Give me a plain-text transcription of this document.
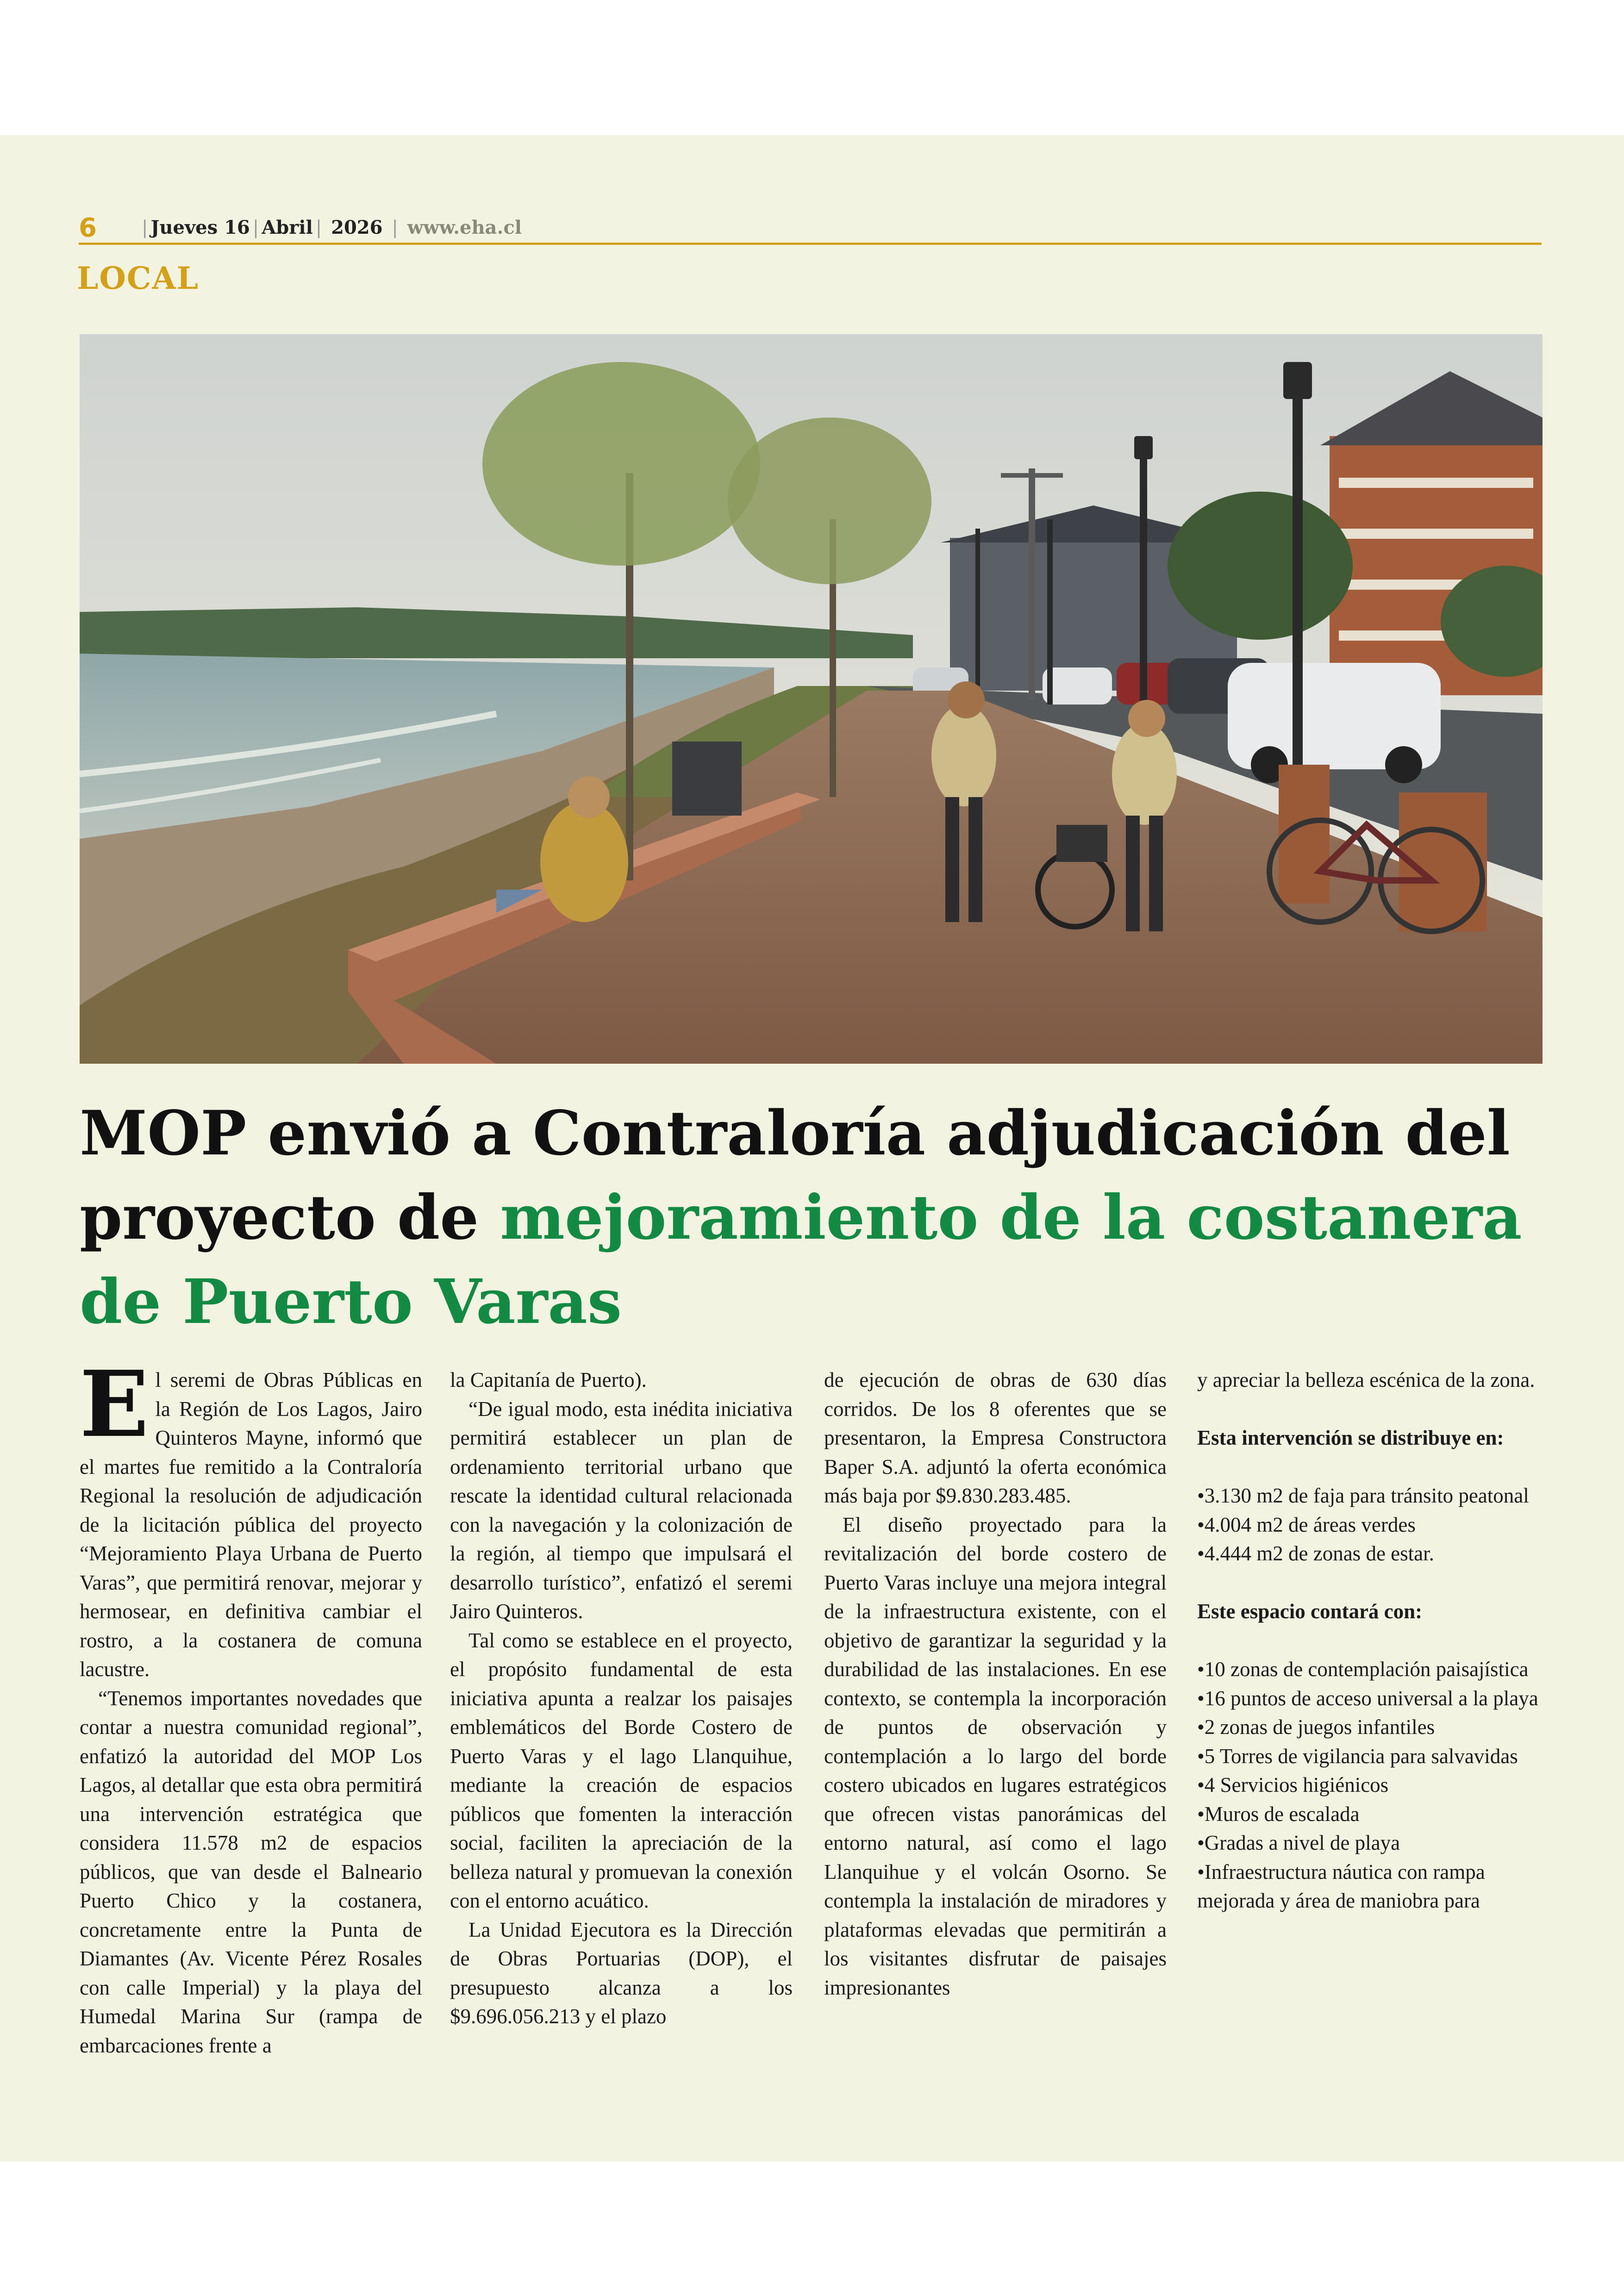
6 | Jueves 16 | Abril | 2026 | www.eha.cl
LOCAL
MOP envió a Contraloría adjudicación del proyecto de mejoramiento de la costanera de Puerto Varas
E l seremi de Obras Públicas en la Región de Los Lagos, Jairo Quinteros Mayne, informó que el martes fue remitido a la Contraloría Regional la resolución de adjudicación de la licitación pública del proyecto “Mejoramiento Playa Urbana de Puerto Varas”, que permitirá renovar, mejorar y hermosear, en definitiva cambiar el rostro, a la costanera de comuna lacustre.

“Tenemos importantes novedades que contar a nuestra comunidad regional”, enfatizó la autoridad del MOP Los Lagos, al detallar que esta obra permitirá una intervención estratégica que considera 11.578 m2 de espacios públicos, que van desde el Balneario Puerto Chico y la costanera, concretamente entre la Punta de Diamantes (Av. Vicente Pérez Rosales con calle Imperial) y la playa del Humedal Marina Sur (rampa de embarcaciones frente a

la Capitanía de Puerto).

“De igual modo, esta inédita iniciativa permitirá establecer un plan de ordenamiento territorial urbano que rescate la identidad cultural relacionada con la navegación y la colonización de la región, al tiempo que impulsará el desarrollo turístico”, enfatizó el seremi Jairo Quinteros.

Tal como se establece en el proyecto, el propósito fundamental de esta iniciativa apunta a realzar los paisajes emblemáticos del Borde Costero de Puerto Varas y el lago Llanquihue, mediante la creación de espacios públicos que fomenten la interacción social, faciliten la apreciación de la belleza natural y promuevan la conexión con el entorno acuático.

La Unidad Ejecutora es la Dirección de Obras Portuarias (DOP), el presupuesto alcanza a los $9.696.056.213 y el plazo

de ejecución de obras de 630 días corridos. De los 8 oferentes que se presentaron, la Empresa Constructora Baper S.A. adjuntó la oferta económica más baja por $9.830.283.485.

El diseño proyectado para la revitalización del borde costero de Puerto Varas incluye una mejora integral de la infraestructura existente, con el objetivo de garantizar la seguridad y la durabilidad de las instalaciones. En ese contexto, se contempla la incorporación de puntos de observación y contemplación a lo largo del borde costero ubicados en lugares estratégicos que ofrecen vistas panorámicas del entorno natural, así como el lago Llanquihue y el volcán Osorno. Se contempla la instalación de miradores y plataformas elevadas que permitirán a los visitantes disfrutar de paisajes impresionantes

y apreciar la belleza escénica de la zona.

Esta intervención se distribuye en:

•3.130 m2 de faja para tránsito peatonal
•4.004 m2 de áreas verdes
•4.444 m2 de zonas de estar.

Este espacio contará con:

•10 zonas de contemplación paisajística
•16 puntos de acceso universal a la playa
•2 zonas de juegos infantiles
•5 Torres de vigilancia para salvavidas
•4 Servicios higiénicos
•Muros de escalada
•Gradas a nivel de playa
•Infraestructura náutica con rampa mejorada y área de maniobra para
